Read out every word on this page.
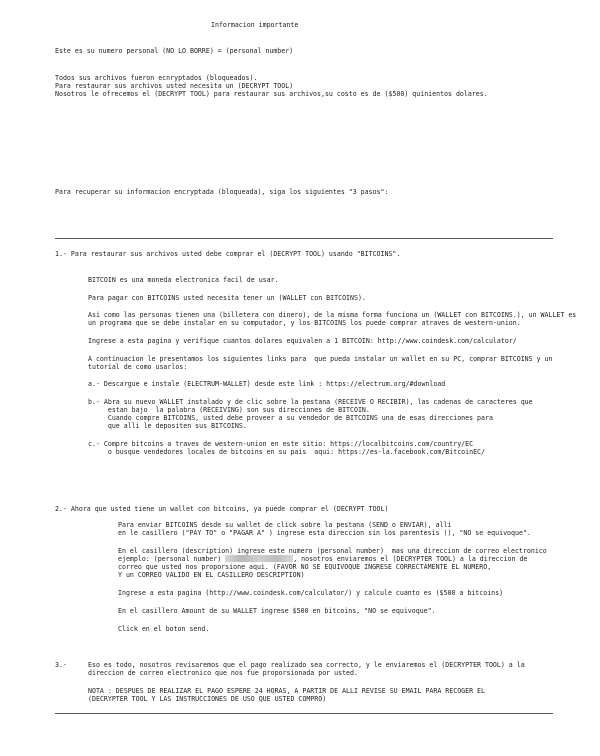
Informacion importante
Este es su numero personal (NO LO BORRE) = (personal number)
Todos sus archivos fueron ecnryptados (bloqueados).
Para restaurar sus archivos usted necesita un (DECRYPT TOOL)
Nosotros le ofrecemos el (DECRYPT TOOL) para restaurar sus archivos,su costo es de ($500) quinientos dolares.
Para recuperar su informacion encryptada (bloqueada), siga los siguientes "3 pasos":
1.- Para restaurar sus archivos usted debe comprar el (DECRYPT TOOL) usando "BITCOINS".
BITCOIN es una moneda electronica facil de usar.
Para pagar con BITCOINS usted necesita tener un (WALLET con BITCOINS).
Asi como las personas tienen una (billetera con dinero), de la misma forma funciona un (WALLET con BITCOINS.), un WALLET es
un programa que se debe instalar en su computador, y los BITCOINS los puede comprar atraves de western-union.
Ingrese a esta pagina y verifique cuantos dolares equivalen a 1 BITCOIN: http://www.coindesk.com/calculator/
A continuacion le presentamos los siguientes links para  que pueda instalar un wallet en su PC, comprar BITCOINS y un
tutorial de como usarlos:
a.- Descargue e instale (ELECTRUM-WALLET) desde este link : https://electrum.org/#download
b.- Abra su nuevo WALLET instalado y de clic sobre la pestana (RECEIVE O RECIBIR), las cadenas de caracteres que
estan bajo  la palabra (RECEIVING) son sus direcciones de BITCOIN.
Cuando compre BITCOINS, usted debe proveer a su vendedor de BITCOINS una de esas direcciones para
que alli le depositen sus BITCOINS.
c.- Compre bitcoins a traves de western-union en este sitio: https://localbitcoins.com/country/EC
o busque vendedores locales de bitcoins en su pais  aqui: https://es-la.facebook.com/BitcoinEC/
2.- Ahora que usted tiene un wallet con bitcoins, ya puede comprar el (DECRYPT TOOL)
Para enviar BITCOINS desde su wallet de click sobre la pestana (SEND o ENVIAR), alli
en le casillero ("PAY TO" o "PAGAR A" ) ingrese esta direccion sin los parentesis (), "NO se equivoque".
En el casillero (description) ingrese este numero (personal number)  mas una direccion de correo electronico
ejemplo: (personal number)	, nosotros enviaremos el (DECRYPTER TOOL) a la direccion de
correo que usted nos proporsione aqui. (FAVOR NO SE EQUIVOQUE INGRESE CORRECTAMENTE EL NUMERO,
Y un CORREO VALIDO EN EL CASILLERO DESCRIPTION)
Ingrese a esta pagina (http://www.coindesk.com/calculator/) y calcule cuanto es ($500 a bitcoins)
En el casillero Amount de su WALLET ingrese $500 en bitcoins, "NO se equivoque".
Click en el boton send.
3.-	Eso es todo, nosotros revisaremos que el pago realizado sea correcto, y le enviaremos el (DECRYPTER TOOL) a la
direccion de correo electronico que nos fue proporsionada por usted.
NOTA : DESPUES DE REALIZAR EL PAGO ESPERE 24 HORAS, A PARTIR DE ALLI REVISE SU EMAIL PARA RECOGER EL
(DECRYPTER TOOL Y LAS INSTRUCCIONES DE USO QUE USTED COMPRO)
